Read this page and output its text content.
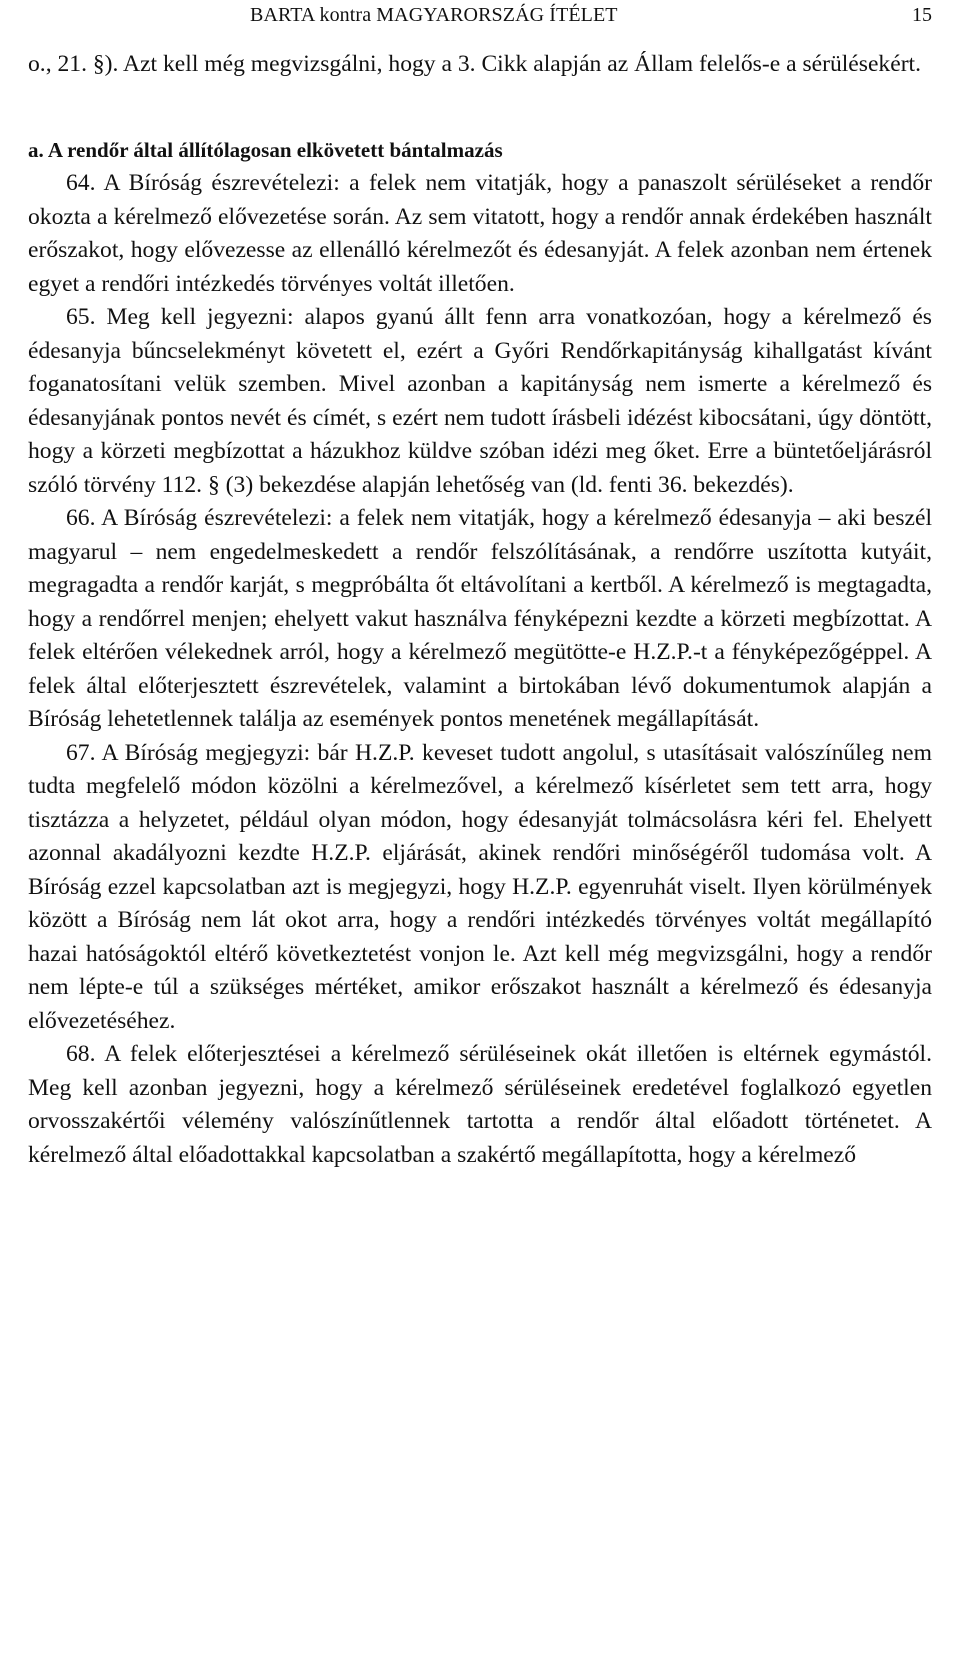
BARTA kontra MAGYARORSZÁG ÍTÉLET	15

o., 21. §). Azt kell még megvizsgálni, hogy a 3. Cikk alapján az Állam felelős-e a sérülésekért.

a. A rendőr által állítólagosan elkövetett bántalmazás

64. A Bíróság észrevételezi: a felek nem vitatják, hogy a panaszolt sérüléseket a rendőr okozta a kérelmező elővezetése során. Az sem vitatott, hogy a rendőr annak érdekében használt erőszakot, hogy elővezesse az ellenálló kérelmezőt és édesanyját. A felek azonban nem értenek egyet a rendőri intézkedés törvényes voltát illetően.

65. Meg kell jegyezni: alapos gyanú állt fenn arra vonatkozóan, hogy a kérelmező és édesanyja bűncselekményt követett el, ezért a Győri Rendőrkapitányság kihallgatást kívánt foganatosítani velük szemben. Mivel azonban a kapitányság nem ismerte a kérelmező és édesanyjának pontos nevét és címét, s ezért nem tudott írásbeli idézést kibocsátani, úgy döntött, hogy a körzeti megbízottat a házukhoz küldve szóban idézi meg őket. Erre a büntetőeljárásról szóló törvény 112. § (3) bekezdése alapján lehetőség van (ld. fenti 36. bekezdés).

66. A Bíróság észrevételezi: a felek nem vitatják, hogy a kérelmező édesanyja – aki beszél magyarul – nem engedelmeskedett a rendőr felszólításának, a rendőrre uszította kutyáit, megragadta a rendőr karját, s megpróbálta őt eltávolítani a kertből. A kérelmező is megtagadta, hogy a rendőrrel menjen; ehelyett vakut használva fényképezni kezdte a körzeti megbízottat. A felek eltérően vélekednek arról, hogy a kérelmező megütötte-e H.Z.P.-t a fényképezőgéppel. A felek által előterjesztett észrevételek, valamint a birtokában lévő dokumentumok alapján a Bíróság lehetetlennek találja az események pontos menetének megállapítását.

67. A Bíróság megjegyzi: bár H.Z.P. keveset tudott angolul, s utasításait valószínűleg nem tudta megfelelő módon közölni a kérelmezővel, a kérelmező kísérletet sem tett arra, hogy tisztázza a helyzetet, például olyan módon, hogy édesanyját tolmácsolásra kéri fel. Ehelyett azonnal akadályozni kezdte H.Z.P. eljárását, akinek rendőri minőségéről tudomása volt. A Bíróság ezzel kapcsolatban azt is megjegyzi, hogy H.Z.P. egyenruhát viselt. Ilyen körülmények között a Bíróság nem lát okot arra, hogy a rendőri intézkedés törvényes voltát megállapító hazai hatóságoktól eltérő következtetést vonjon le. Azt kell még megvizsgálni, hogy a rendőr nem lépte-e túl a szükséges mértéket, amikor erőszakot használt a kérelmező és édesanyja elővezetéséhez.

68. A felek előterjesztései a kérelmező sérüléseinek okát illetően is eltérnek egymástól. Meg kell azonban jegyezni, hogy a kérelmező sérüléseinek eredetével foglalkozó egyetlen orvosszakértői vélemény valószínűtlennek tartotta a rendőr által előadott történetet. A kérelmező által előadottakkal kapcsolatban a szakértő megállapította, hogy a kérelmező
